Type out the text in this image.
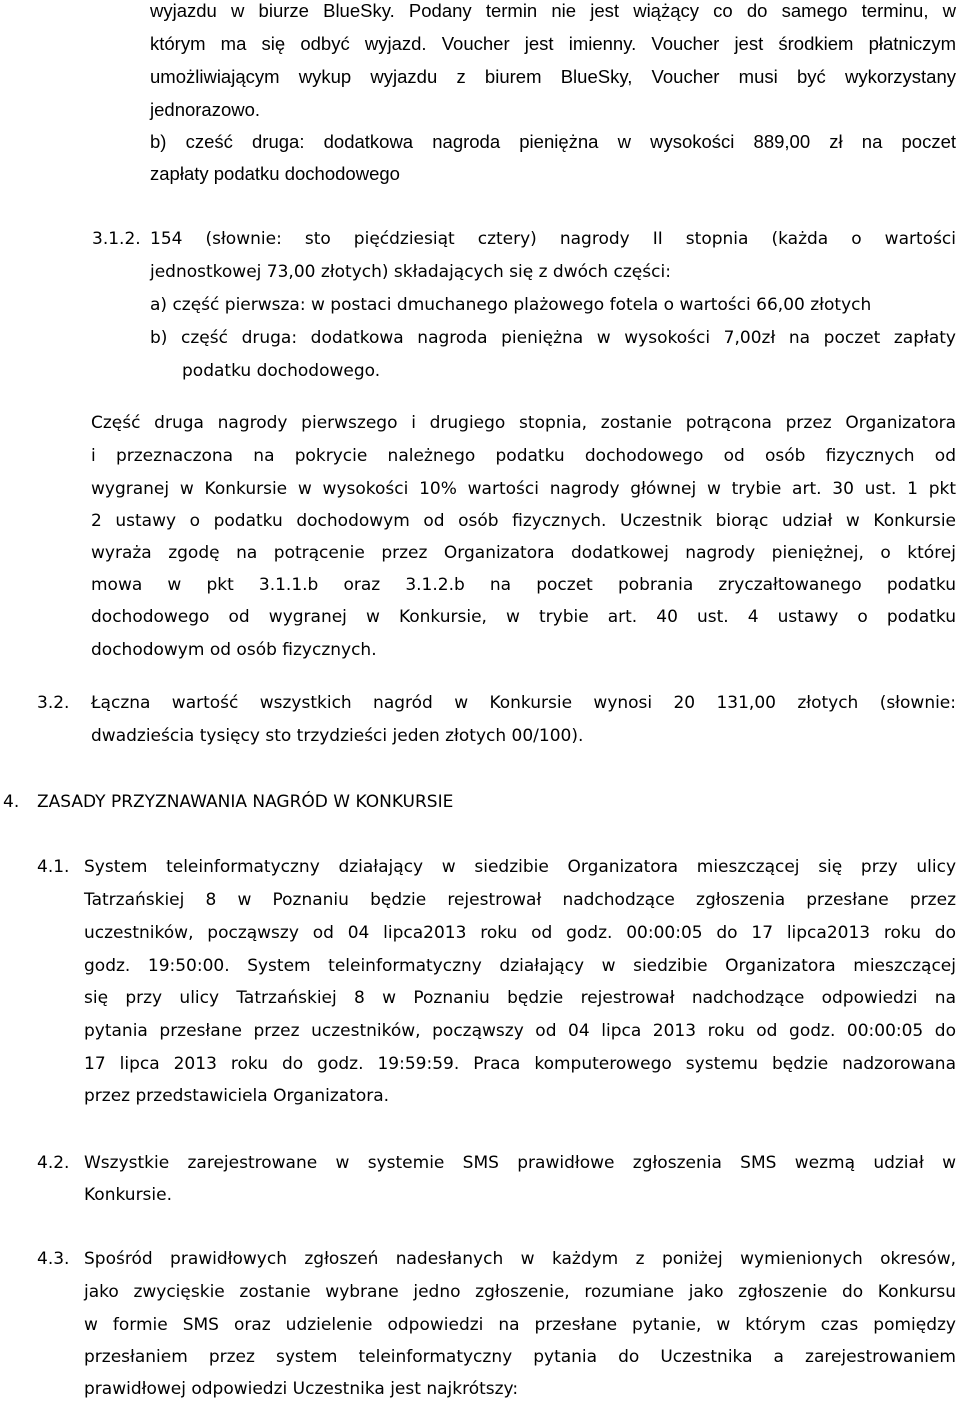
wyjazdu w biurze BlueSky. Podany termin nie jest wiążący co do samego terminu, w

którym ma się odbyć wyjazd. Voucher jest imienny. Voucher jest środkiem płatniczym

umożliwiającym wykup wyjazdu z biurem BlueSky, Voucher musi być wykorzystany

jednorazowo.

b) cześć druga: dodatkowa nagroda pieniężna w wysokości 889,00 zł na poczet

zapłaty podatku dochodowego

3.1.2. 154 (słownie: sto pięćdziesiąt cztery) nagrody II stopnia (każda o wartości

jednostkowej 73,00 złotych) składających się z dwóch części:

a) część pierwsza: w postaci dmuchanego plażowego fotela o wartości 66,00 złotych

b) część druga: dodatkowa nagroda pieniężna w wysokości 7,00zł na poczet zapłaty

podatku dochodowego.

Część druga nagrody pierwszego i drugiego stopnia, zostanie potrącona przez Organizatora

i przeznaczona na pokrycie należnego podatku dochodowego od osób fizycznych od

wygranej w Konkursie w wysokości 10% wartości nagrody głównej w trybie art. 30 ust. 1 pkt

2 ustawy o podatku dochodowym od osób fizycznych. Uczestnik biorąc udział w Konkursie

wyraża zgodę na potrącenie przez Organizatora dodatkowej nagrody pieniężnej, o której

mowa w pkt 3.1.1.b oraz 3.1.2.b na poczet pobrania zryczałtowanego podatku

dochodowego od wygranej w Konkursie, w trybie art. 40 ust. 4 ustawy o podatku

dochodowym od osób fizycznych.

3.2. Łączna wartość wszystkich nagród w Konkursie wynosi 20 131,00 złotych (słownie:

dwadzieścia tysięcy sto trzydzieści jeden złotych 00/100).

4. ZASADY PRZYZNAWANIA NAGRÓD W KONKURSIE

4.1. System teleinformatyczny działający w siedzibie Organizatora mieszczącej się przy ulicy

Tatrzańskiej 8 w Poznaniu będzie rejestrował nadchodzące zgłoszenia przesłane przez

uczestników, począwszy od 04 lipca2013 roku od godz. 00:00:05 do 17 lipca2013 roku do

godz. 19:50:00. System teleinformatyczny działający w siedzibie Organizatora mieszczącej

się przy ulicy Tatrzańskiej 8 w Poznaniu będzie rejestrował nadchodzące odpowiedzi na

pytania przesłane przez uczestników, począwszy od 04 lipca 2013 roku od godz. 00:00:05 do

17 lipca 2013 roku do godz. 19:59:59. Praca komputerowego systemu będzie nadzorowana

przez przedstawiciela Organizatora.

4.2. Wszystkie zarejestrowane w systemie SMS prawidłowe zgłoszenia SMS wezmą udział w

Konkursie.

4.3. Spośród prawidłowych zgłoszeń nadesłanych w każdym z poniżej wymienionych okresów,

jako zwycięskie zostanie wybrane jedno zgłoszenie, rozumiane jako zgłoszenie do Konkursu

w formie SMS oraz udzielenie odpowiedzi na przesłane pytanie, w którym czas pomiędzy

przesłaniem przez system teleinformatyczny pytania do Uczestnika a zarejestrowaniem

prawidłowej odpowiedzi Uczestnika jest najkrótszy:
